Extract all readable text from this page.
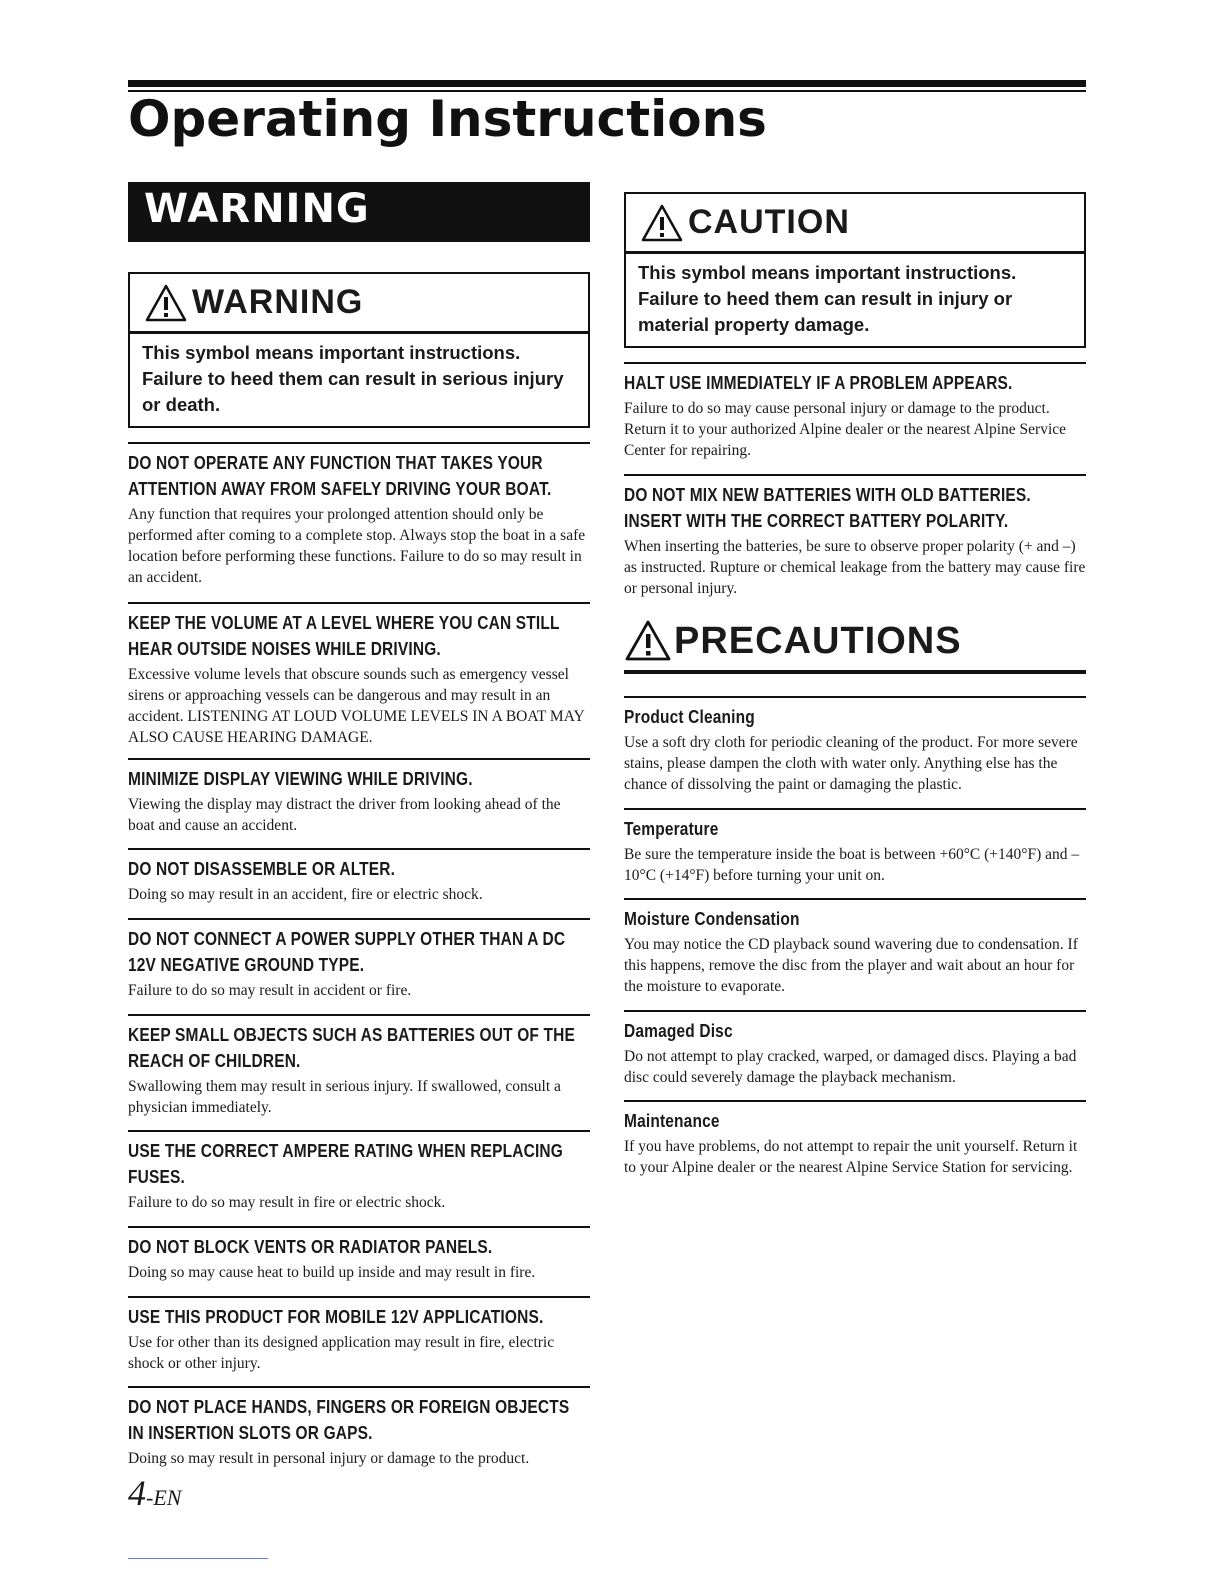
Operating Instructions
WARNING
WARNING
This symbol means important instructions. Failure to heed them can result in serious injury or death.
CAUTION
This symbol means important instructions. Failure to heed them can result in injury or material property damage.
DO NOT OPERATE ANY FUNCTION THAT TAKES YOUR ATTENTION AWAY FROM SAFELY DRIVING YOUR BOAT.
Any function that requires your prolonged attention should only be performed after coming to a complete stop. Always stop the boat in a safe location before performing these functions. Failure to do so may result in an accident.
KEEP THE VOLUME AT A LEVEL WHERE YOU CAN STILL HEAR OUTSIDE NOISES WHILE DRIVING.
Excessive volume levels that obscure sounds such as emergency vessel sirens or approaching vessels can be dangerous and may result in an accident. LISTENING AT LOUD VOLUME LEVELS IN A BOAT MAY ALSO CAUSE HEARING DAMAGE.
MINIMIZE DISPLAY VIEWING WHILE DRIVING.
Viewing the display may distract the driver from looking ahead of the boat and cause an accident.
DO NOT DISASSEMBLE OR ALTER.
Doing so may result in an accident, fire or electric shock.
DO NOT CONNECT A POWER SUPPLY OTHER THAN A DC 12V NEGATIVE GROUND TYPE.
Failure to do so may result in accident or fire.
KEEP SMALL OBJECTS SUCH AS BATTERIES OUT OF THE REACH OF CHILDREN.
Swallowing them may result in serious injury. If swallowed, consult a physician immediately.
USE THE CORRECT AMPERE RATING WHEN REPLACING FUSES.
Failure to do so may result in fire or electric shock.
DO NOT BLOCK VENTS OR RADIATOR PANELS.
Doing so may cause heat to build up inside and may result in fire.
USE THIS PRODUCT FOR MOBILE 12V APPLICATIONS.
Use for other than its designed application may result in fire, electric shock or other injury.
DO NOT PLACE HANDS, FINGERS OR FOREIGN OBJECTS IN INSERTION SLOTS OR GAPS.
Doing so may result in personal injury or damage to the product.
HALT USE IMMEDIATELY IF A PROBLEM APPEARS.
Failure to do so may cause personal injury or damage to the product. Return it to your authorized Alpine dealer or the nearest Alpine Service Center for repairing.
DO NOT MIX NEW BATTERIES WITH OLD BATTERIES. INSERT WITH THE CORRECT BATTERY POLARITY.
When inserting the batteries, be sure to observe proper polarity (+ and –) as instructed. Rupture or chemical leakage from the battery may cause fire or personal injury.
PRECAUTIONS
Product Cleaning
Use a soft dry cloth for periodic cleaning of the product. For more severe stains, please dampen the cloth with water only. Anything else has the chance of dissolving the paint or damaging the plastic.
Temperature
Be sure the temperature inside the boat is between +60°C (+140°F) and –10°C (+14°F) before turning your unit on.
Moisture Condensation
You may notice the CD playback sound wavering due to condensation. If this happens, remove the disc from the player and wait about an hour for the moisture to evaporate.
Damaged Disc
Do not attempt to play cracked, warped, or damaged discs. Playing a bad disc could severely damage the playback mechanism.
Maintenance
If you have problems, do not attempt to repair the unit yourself. Return it to your Alpine dealer or the nearest Alpine Service Station for servicing.
4-EN
